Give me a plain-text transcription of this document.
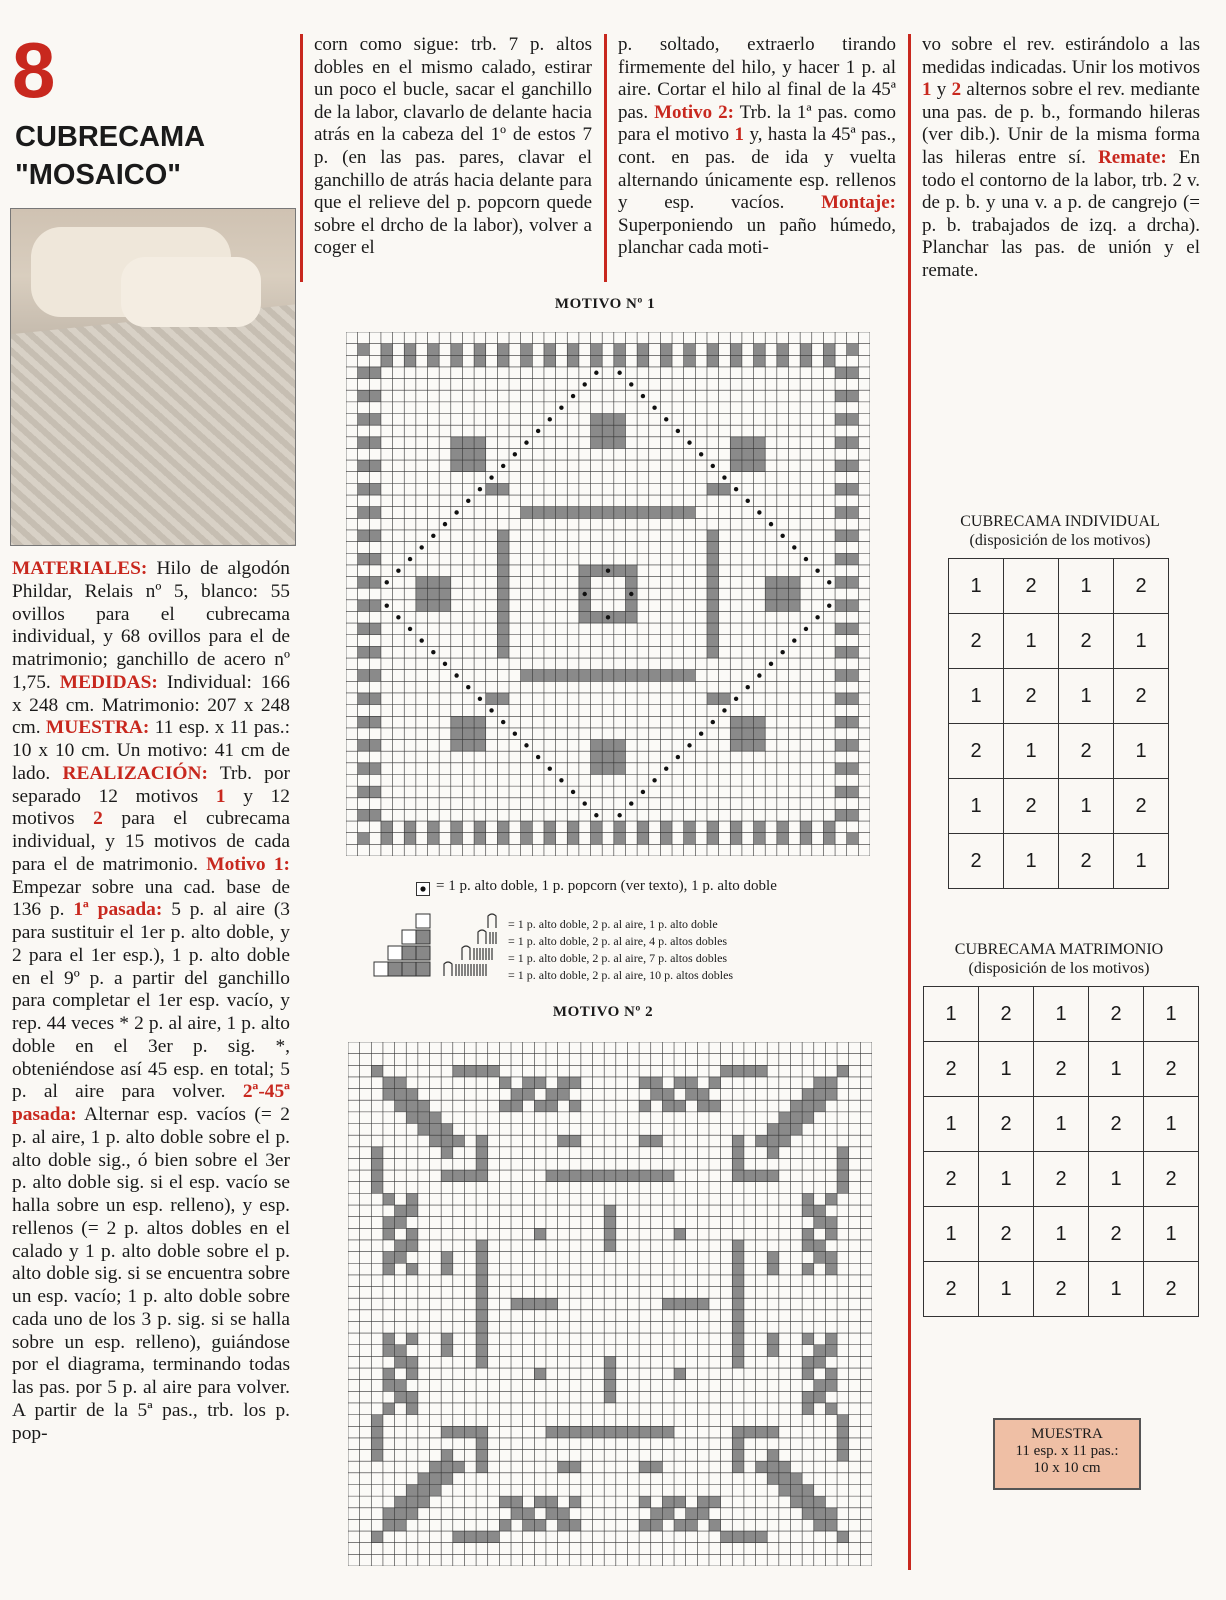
8
CUBRECAMA
"MOSAICO"
MATERIALES: Hilo de algodón Phildar, Relais nº 5, blanco: 55 ovillos para el cubrecama individual, y 68 ovillos para el de matrimonio; ganchillo de acero nº 1,75. MEDIDAS: Individual: 166 x 248 cm. Matrimonio: 207 x 248 cm. MUESTRA: 11 esp. x 11 pas.: 10 x 10 cm. Un motivo: 41 cm de lado. REALIZACIÓN: Trb. por separado 12 motivos 1 y 12 motivos 2 para el cubrecama individual, y 15 motivos de cada para el de matrimonio. Motivo 1: Empezar sobre una cad. base de 136 p. 1ª pasada: 5 p. al aire (3 para sustituir el 1er p. alto doble, y 2 para el 1er esp.), 1 p. alto doble en el 9º p. a partir del ganchillo para completar el 1er esp. vacío, y rep. 44 veces * 2 p. al aire, 1 p. alto doble en el 3er p. sig. *, obteniéndose así 45 esp. en total; 5 p. al aire para volver. 2ª-45ª pasada: Alternar esp. vacíos (= 2 p. al aire, 1 p. alto doble sobre el p. alto doble sig., ó bien sobre el 3er p. alto doble sig. si el esp. vacío se halla sobre un esp. relleno), y esp. rellenos (= 2 p. altos dobles en el calado y 1 p. alto doble sobre el p. alto doble sig. si se encuentra sobre un esp. vacío; 1 p. alto doble sobre cada uno de los 3 p. sig. si se halla sobre un esp. relleno), guiándose por el diagrama, terminando todas las pas. por 5 p. al aire para volver. A partir de la 5ª pas., trb. los p. pop-
corn como sigue: trb. 7 p. altos dobles en el mismo calado, estirar un poco el bucle, sacar el ganchillo de la labor, clavarlo de delante hacia atrás en la cabeza del 1º de estos 7 p. (en las pas. pares, clavar el ganchillo de atrás hacia delante para que el relieve del p. popcorn quede sobre el drcho de la labor), volver a coger el
p. soltado, extraerlo tirando firmemente del hilo, y hacer 1 p. al aire. Cortar el hilo al final de la 45ª pas. Motivo 2: Trb. la 1ª pas. como para el motivo 1 y, hasta la 45ª pas., cont. en pas. de ida y vuelta alternando únicamente esp. rellenos y esp. vacíos. Montaje: Superponiendo un paño húmedo, planchar cada moti-
vo sobre el rev. estirándolo a las medidas indicadas. Unir los motivos 1 y 2 alternos sobre el rev. mediante una pas. de p. b., formando hileras (ver dib.). Unir de la misma forma las hileras entre sí. Remate: En todo el contorno de la labor, trb. 2 v. de p. b. y una v. a p. de cangrejo (= p. b. trabajados de izq. a drcha). Planchar las pas. de unión y el remate.
MOTIVO Nº 1
= 1 p. alto doble, 1 p. popcorn (ver texto), 1 p. alto doble
= 1 p. alto doble, 2 p. al aire, 1 p. alto doble
= 1 p. alto doble, 2 p. al aire, 4 p. altos dobles
= 1 p. alto doble, 2 p. al aire, 7 p. altos dobles
= 1 p. alto doble, 2 p. al aire, 10 p. altos dobles
MOTIVO Nº 2
CUBRECAMA INDIVIDUAL
(disposición de los motivos)
1	2	1	2
2	1	2	1
1	2	1	2
2	1	2	1
1	2	1	2
2	1	2	1
CUBRECAMA MATRIMONIO
(disposición de los motivos)
1	2	1	2	1
2	1	2	1	2
1	2	1	2	1
2	1	2	1	2
1	2	1	2	1
2	1	2	1	2
MUESTRA
11 esp. x 11 pas.:
10 x 10 cm
